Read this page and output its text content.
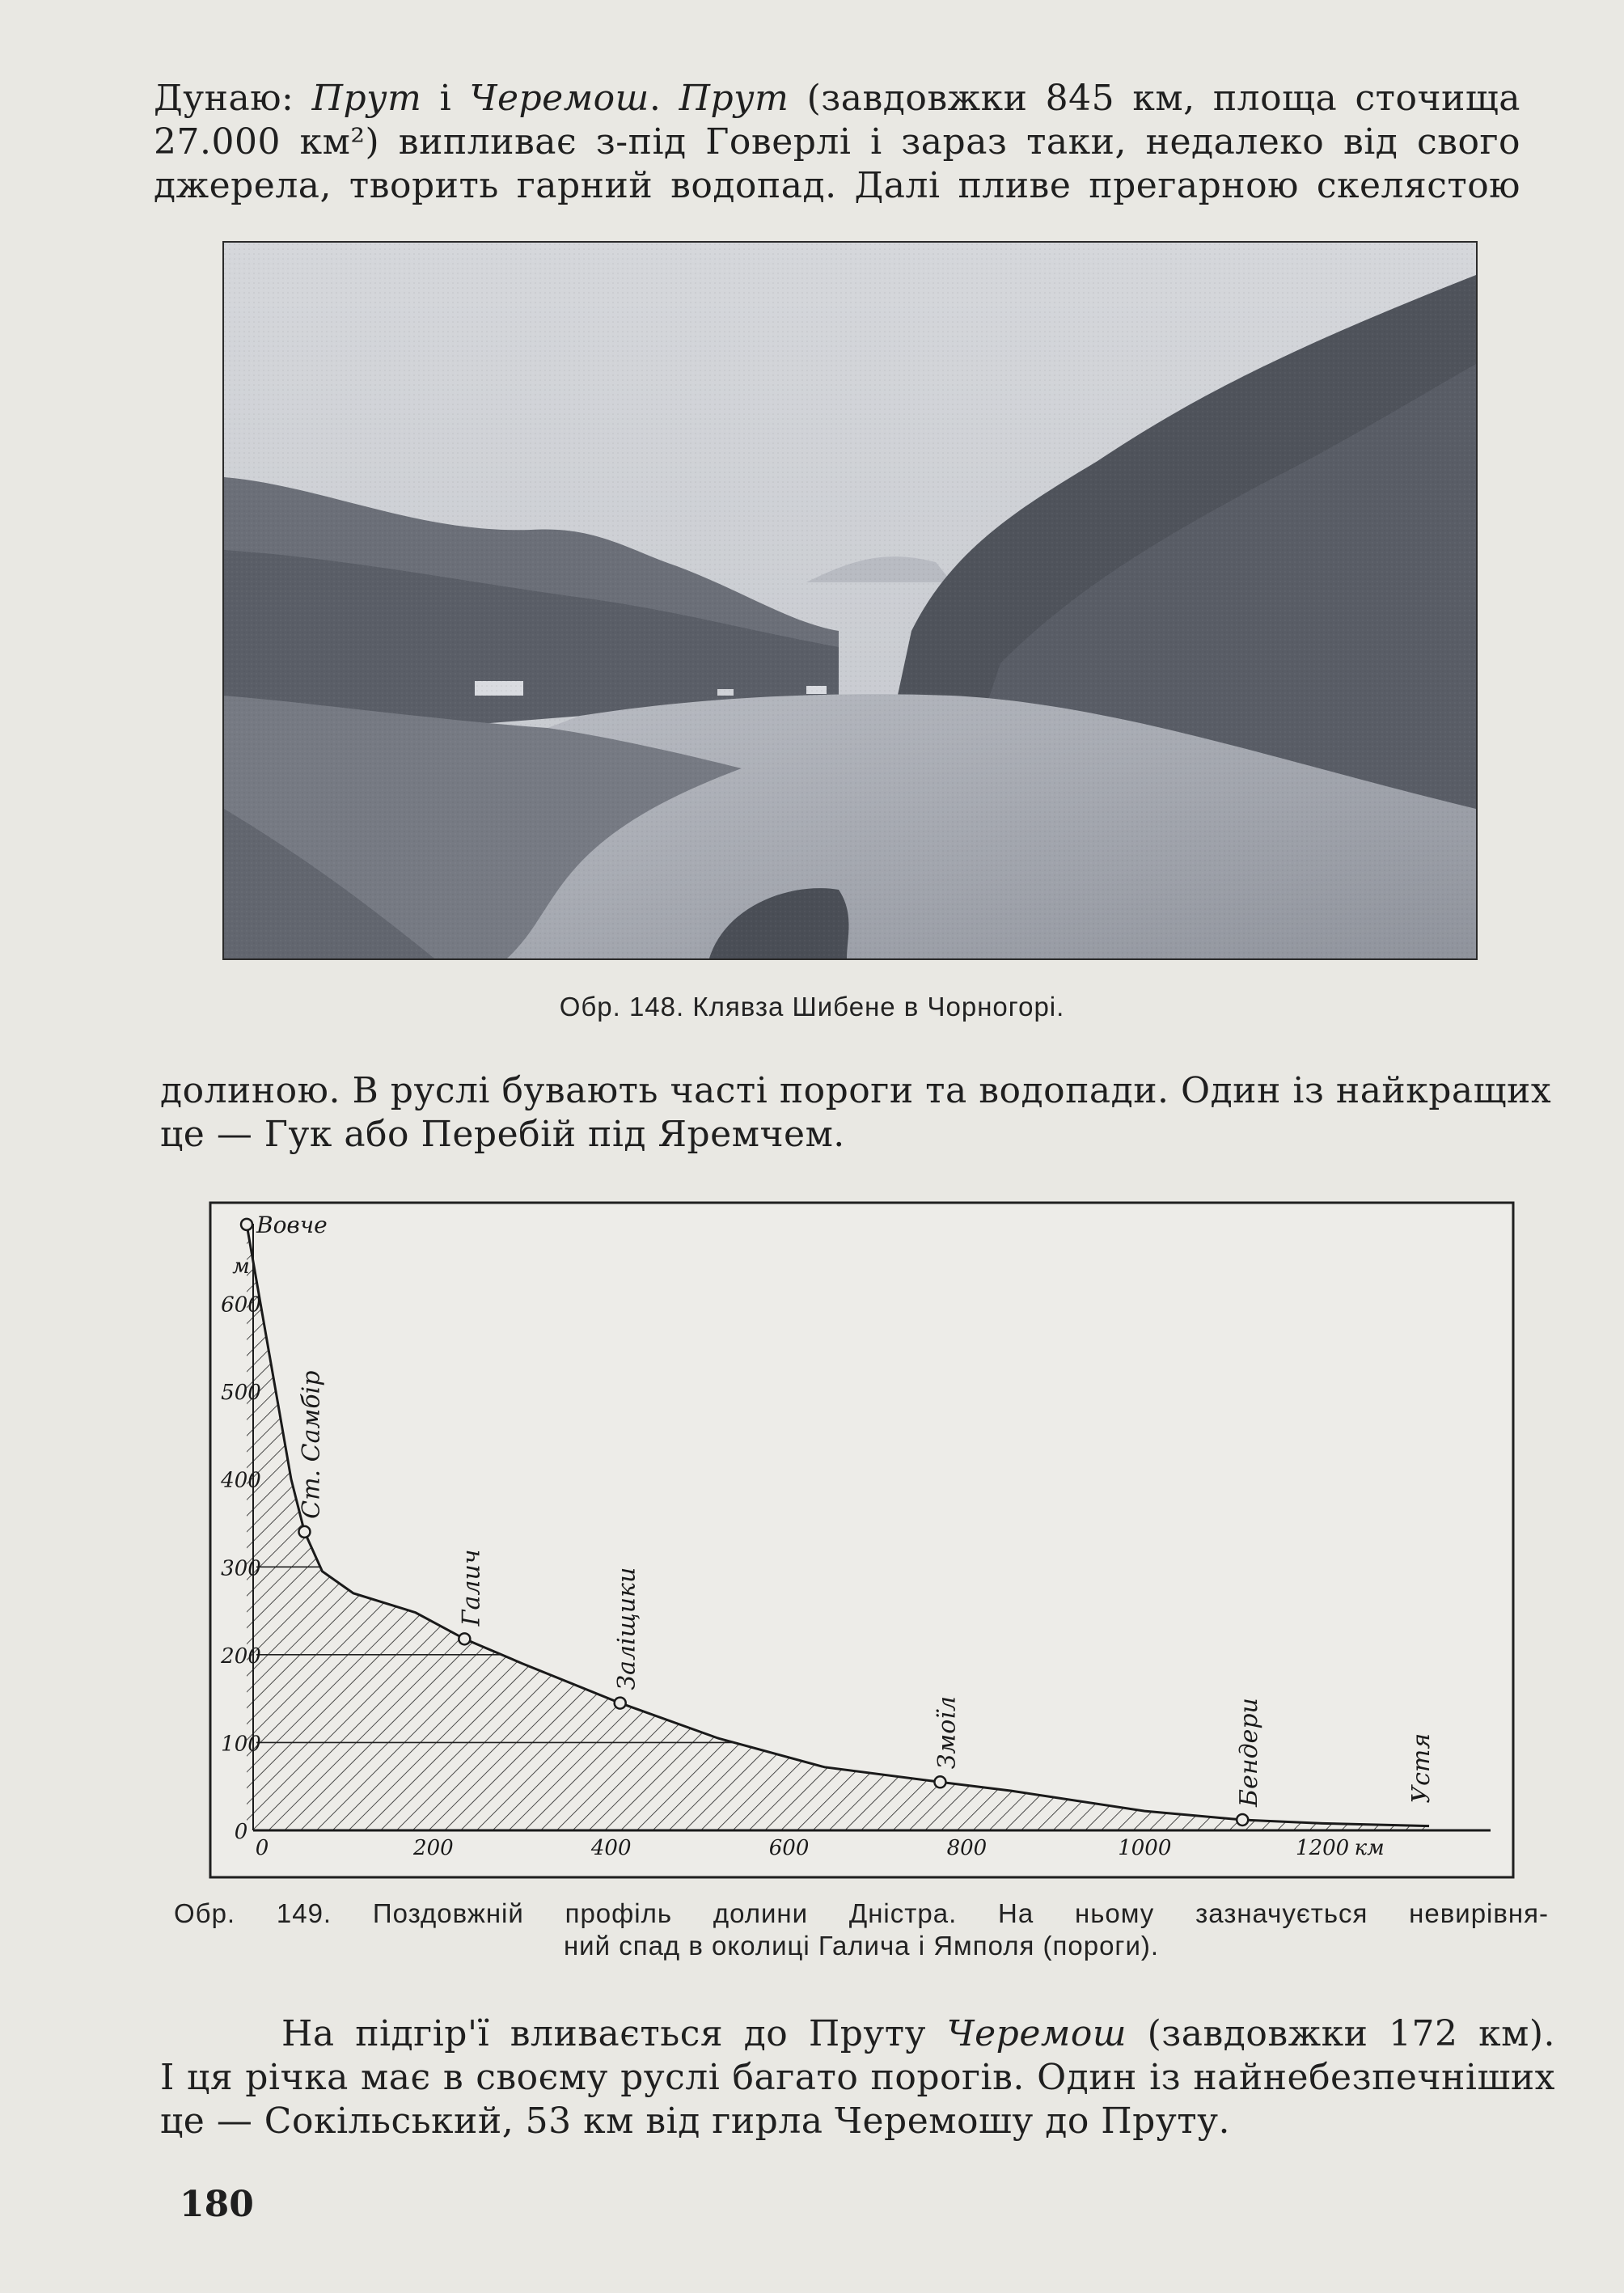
Дунаю: Прут і Черемош. Прут (завдовжки 845 км, площа сточища
27.000 км²) випливає з-під Говерлі і зараз таки, недалеко від свого
джерела, творить гарний водопад. Далі пливе прегарною скелястою
Обр. 148. Клявза Шибене в Чорногорі.
долиною. В руслі бувають часті пороги та водопади. Один із найкращих
це — Гук або Перебій під Яремчем.
600
500
400
300
200
100
0
м
0	200	400	600	800	1000	1200 км
Вовче
Ст. Самбір
Галич	Заліщики
Змоїл	Бендери	Устя
Обр. 149. Поздовжній профіль долини Дністра. На ньому зазначується невирівня-
ний спад в околиці Галича і Ямполя (пороги).
На підгір'ї вливається до Пруту Черемош (завдовжки 172 км).
І ця річка має в своєму руслі багато порогів. Один із найнебезпечніших
це — Сокільський, 53 км від гирла Черемошу до Пруту.
180
